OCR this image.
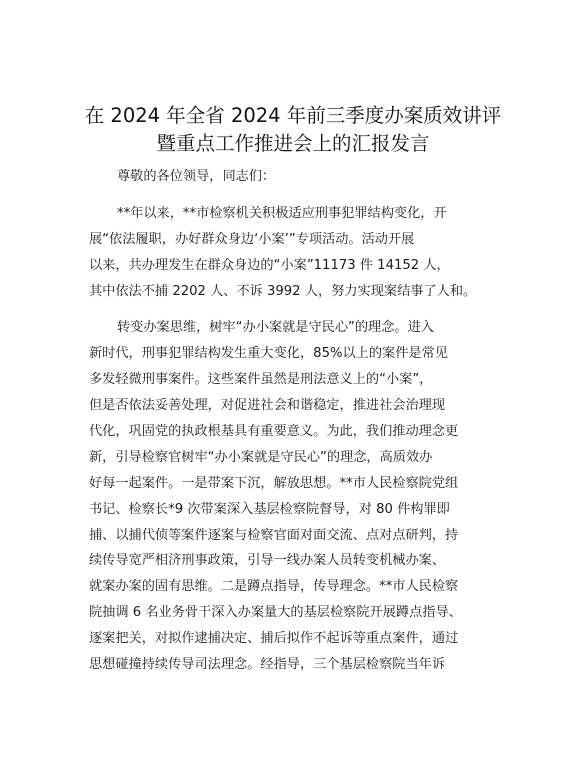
在 2024 年全省 2024 年前三季度办案质效讲评
暨重点工作推进会上的汇报发言
尊敬的各位领导，同志们：
**年以来，**市检察机关积极适应刑事犯罪结构变化，开
展“依法履职，办好群众身边‘小案’”专项活动。活动开展
以来，共办理发生在群众身边的“小案”11173 件 14152 人，
其中依法不捕 2202 人、不诉 3992 人，努力实现案结事了人和。
转变办案思维，树牢“办小案就是守民心”的理念。进入
新时代，刑事犯罪结构发生重大变化，85%以上的案件是常见
多发轻微刑事案件。这些案件虽然是刑法意义上的“小案”，
但是否依法妥善处理，对促进社会和谐稳定，推进社会治理现
代化，巩固党的执政根基具有重要意义。为此，我们推动理念更
新，引导检察官树牢“办小案就是守民心”的理念，高质效办
好每一起案件。一是带案下沉，解放思想。**市人民检察院党组
书记、检察长*9 次带案深入基层检察院督导，对 80 件构罪即
捕、以捕代侦等案件逐案与检察官面对面交流、点对点研判，持
续传导宽严相济刑事政策，引导一线办案人员转变机械办案、
就案办案的固有思维。二是蹲点指导，传导理念。**市人民检察
院抽调 6 名业务骨干深入办案量大的基层检察院开展蹲点指导、
逐案把关，对拟作逮捕决定、捕后拟作不起诉等重点案件，通过
思想碰撞持续传导司法理念。经指导，三个基层检察院当年诉
